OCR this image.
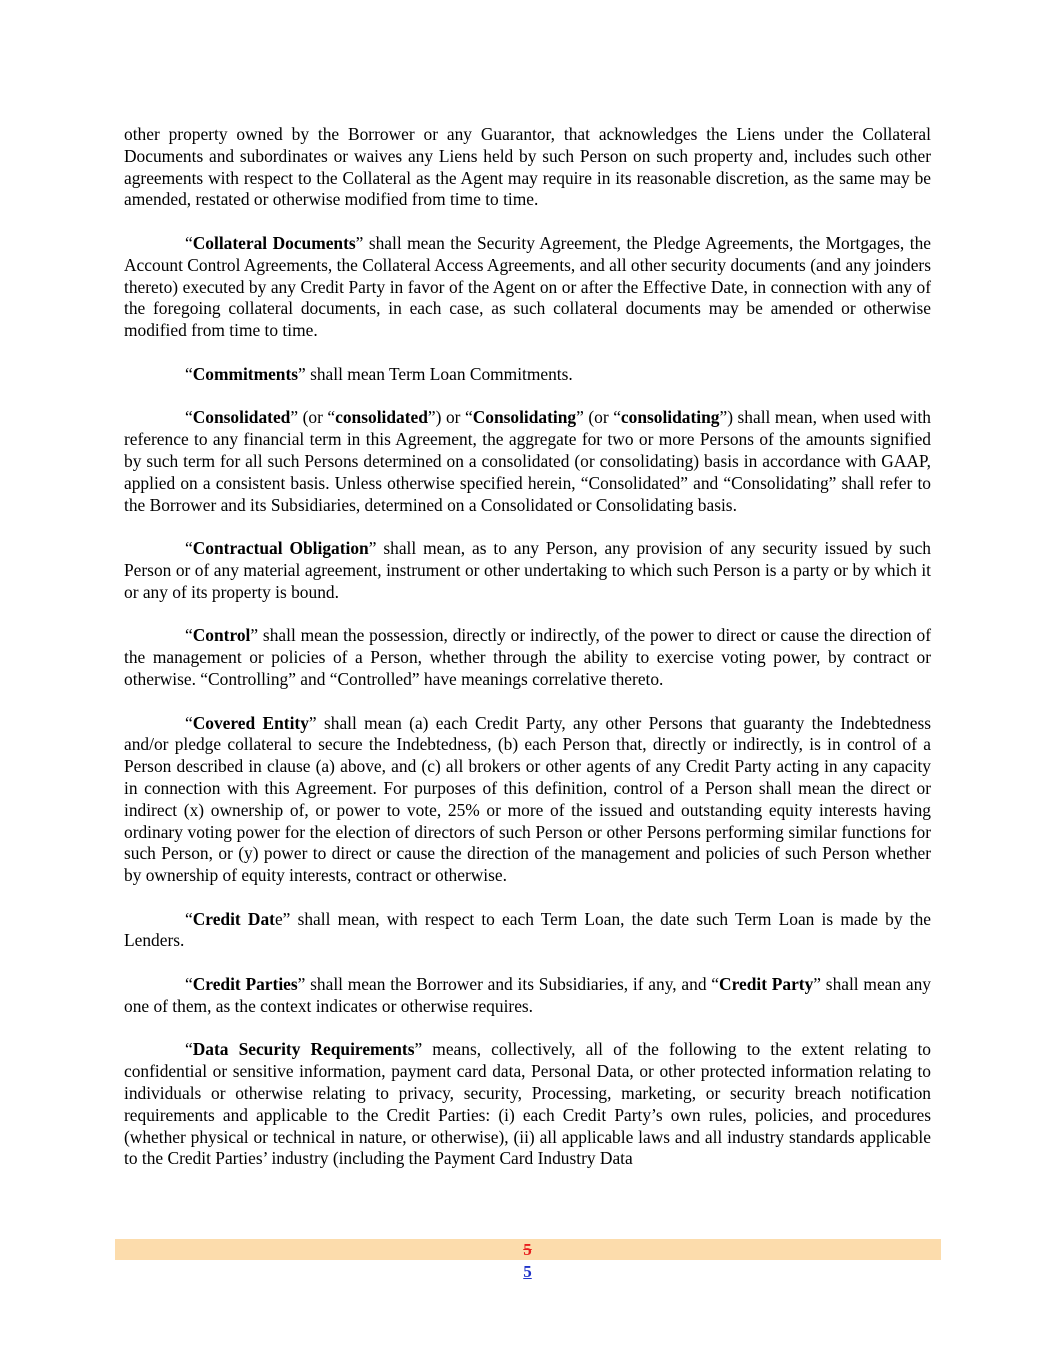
other property owned by the Borrower or any Guarantor, that acknowledges the Liens under the Collateral Documents and subordinates or waives any Liens held by such Person on such property and, includes such other agreements with respect to the Collateral as the Agent may require in its reasonable discretion, as the same may be amended, restated or otherwise modified from time to time.

“Collateral Documents” shall mean the Security Agreement, the Pledge Agreements, the Mortgages, the Account Control Agreements, the Collateral Access Agreements, and all other security documents (and any joinders thereto) executed by any Credit Party in favor of the Agent on or after the Effective Date, in connection with any of the foregoing collateral documents, in each case, as such collateral documents may be amended or otherwise modified from time to time.

“Commitments” shall mean Term Loan Commitments.

“Consolidated” (or “consolidated”) or “Consolidating” (or “consolidating”) shall mean, when used with reference to any financial term in this Agreement, the aggregate for two or more Persons of the amounts signified by such term for all such Persons determined on a consolidated (or consolidating) basis in accordance with GAAP, applied on a consistent basis. Unless otherwise specified herein, “Consolidated” and “Consolidating” shall refer to the Borrower and its Subsidiaries, determined on a Consolidated or Consolidating basis.

“Contractual Obligation” shall mean, as to any Person, any provision of any security issued by such Person or of any material agreement, instrument or other undertaking to which such Person is a party or by which it or any of its property is bound.

“Control” shall mean the possession, directly or indirectly, of the power to direct or cause the direction of the management or policies of a Person, whether through the ability to exercise voting power, by contract or otherwise. “Controlling” and “Controlled” have meanings correlative thereto.

“Covered Entity” shall mean (a) each Credit Party, any other Persons that guaranty the Indebtedness and/or pledge collateral to secure the Indebtedness, (b) each Person that, directly or indirectly, is in control of a Person described in clause (a) above, and (c) all brokers or other agents of any Credit Party acting in any capacity in connection with this Agreement. For purposes of this definition, control of a Person shall mean the direct or indirect (x) ownership of, or power to vote, 25% or more of the issued and outstanding equity interests having ordinary voting power for the election of directors of such Person or other Persons performing similar functions for such Person, or (y) power to direct or cause the direction of the management and policies of such Person whether by ownership of equity interests, contract or otherwise.

“Credit Date” shall mean, with respect to each Term Loan, the date such Term Loan is made by the Lenders.

“Credit Parties” shall mean the Borrower and its Subsidiaries, if any, and “Credit Party” shall mean any one of them, as the context indicates or otherwise requires.

“Data Security Requirements” means, collectively, all of the following to the extent relating to confidential or sensitive information, payment card data, Personal Data, or other protected information relating to individuals or otherwise relating to privacy, security, Processing, marketing, or security breach notification requirements and applicable to the Credit Parties: (i) each Credit Party’s own rules, policies, and procedures (whether physical or technical in nature, or otherwise), (ii) all applicable laws and all industry standards applicable to the Credit Parties’ industry (including the Payment Card Industry Data

5
5
